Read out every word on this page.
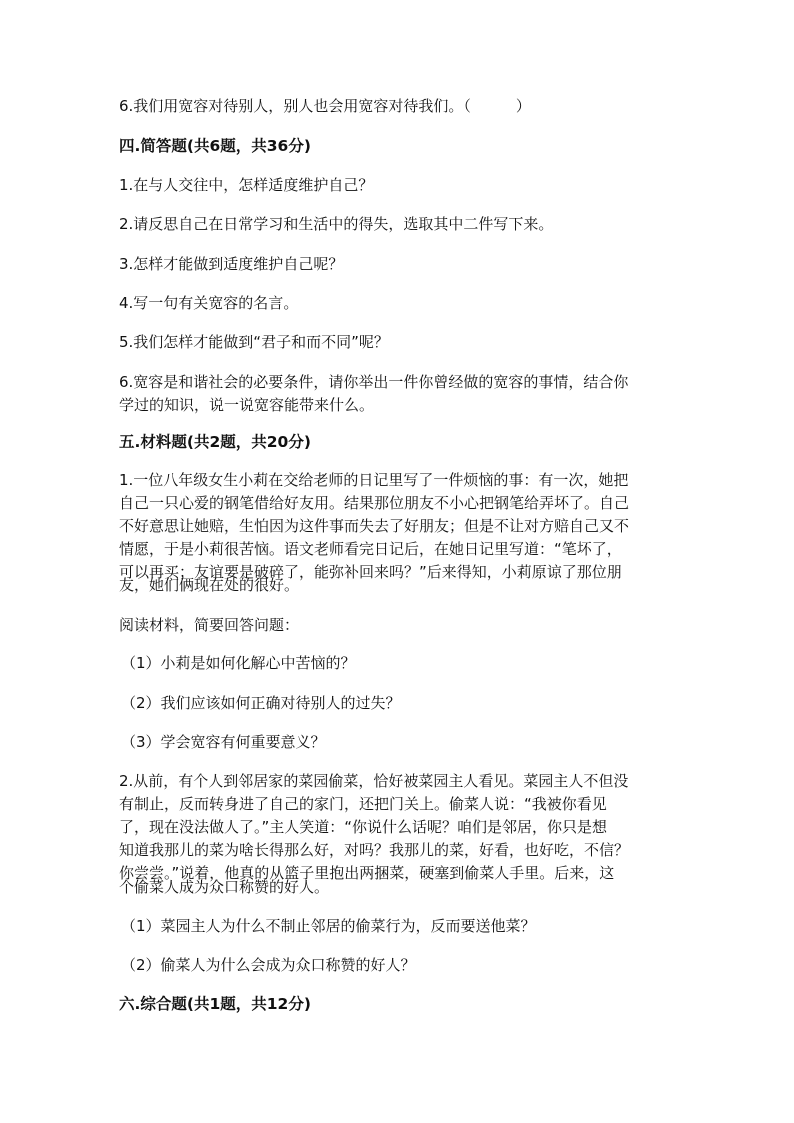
6.我们用宽容对待别人，别人也会用宽容对待我们。（　　　）
四.简答题(共6题，共36分)
1.在与人交往中，怎样适度维护自己？
2.请反思自己在日常学习和生活中的得失，选取其中二件写下来。
3.怎样才能做到适度维护自己呢？
4.写一句有关宽容的名言。
5.我们怎样才能做到“君子和而不同”呢？
6.宽容是和谐社会的必要条件，请你举出一件你曾经做的宽容的事情，结合你
学过的知识，说一说宽容能带来什么。
五.材料题(共2题，共20分)
1.一位八年级女生小莉在交给老师的日记里写了一件烦恼的事：有一次，她把
自己一只心爱的钢笔借给好友用。结果那位朋友不小心把钢笔给弄坏了。自己
不好意思让她赔，生怕因为这件事而失去了好朋友；但是不让对方赔自己又不
情愿，于是小莉很苦恼。语文老师看完日记后，在她日记里写道：“笔坏了，
可以再买；友谊要是破碎了，能弥补回来吗？”后来得知，小莉原谅了那位朋
友，她们俩现在处的很好。
阅读材料，简要回答问题：
（1）小莉是如何化解心中苦恼的？
（2）我们应该如何正确对待别人的过失？
（3）学会宽容有何重要意义？
2.从前，有个人到邻居家的菜园偷菜，恰好被菜园主人看见。菜园主人不但没
有制止，反而转身进了自己的家门，还把门关上。偷菜人说：“我被你看见
了，现在没法做人了。”主人笑道：“你说什么话呢？咱们是邻居，你只是想
知道我那儿的菜为啥长得那么好，对吗？我那儿的菜，好看，也好吃，不信？
你尝尝。”说着，他真的从篮子里抱出两捆菜，硬塞到偷菜人手里。后来，这
个偷菜人成为众口称赞的好人。
（1）菜园主人为什么不制止邻居的偷菜行为，反而要送他菜？
（2）偷菜人为什么会成为众口称赞的好人？
六.综合题(共1题，共12分)
